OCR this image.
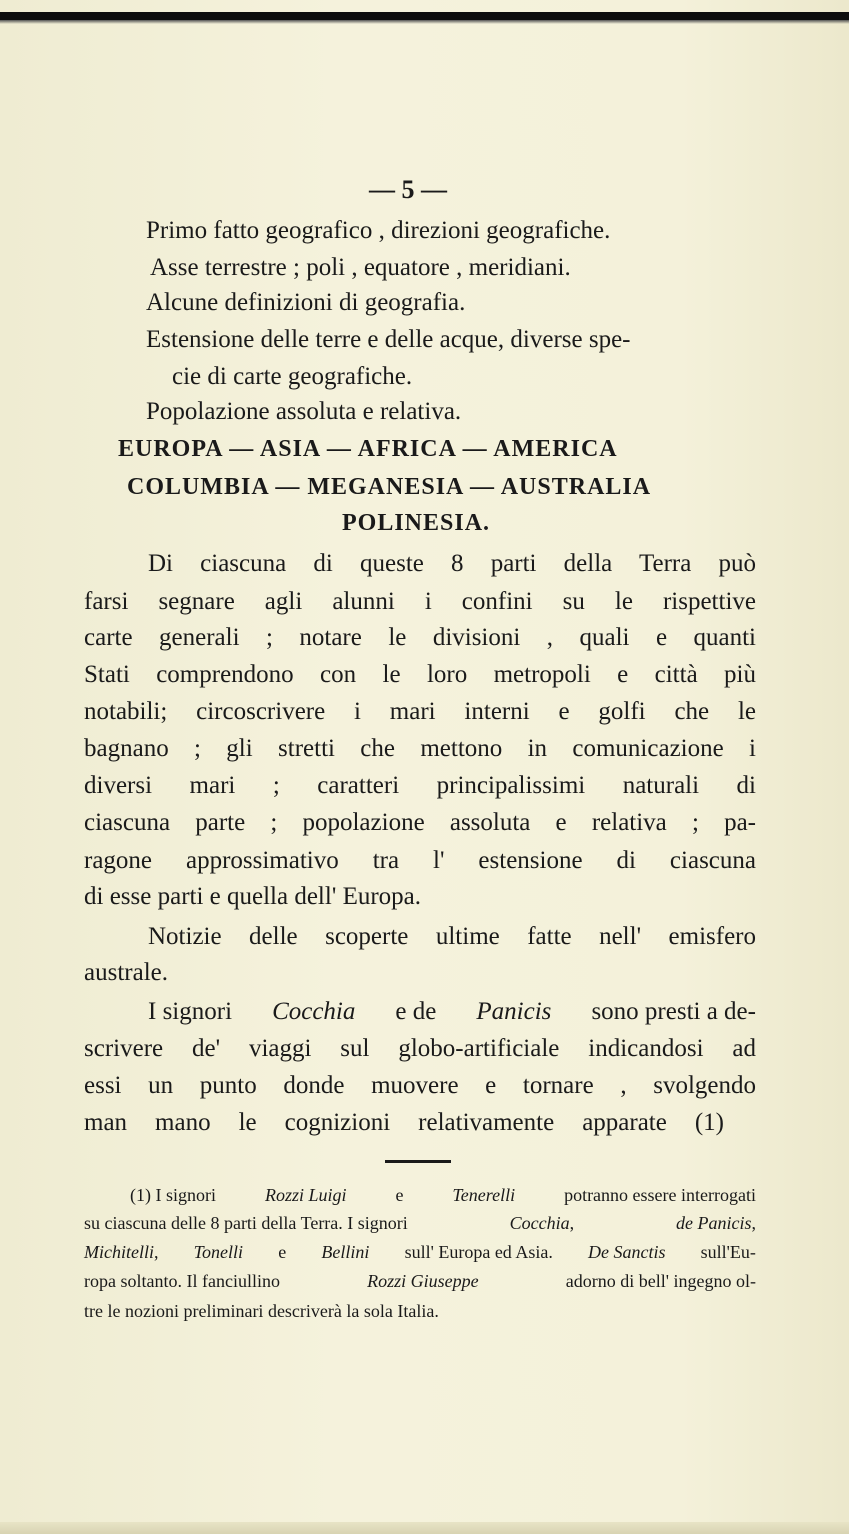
— 5 —
Primo fatto geografico , direzioni geografiche.
Asse terrestre ; poli , equatore , meridiani.
Alcune definizioni di geografia.
Estensione delle terre e delle acque, diverse spe-
cie di carte geografiche.
Popolazione assoluta e relativa.
EUROPA — ASIA — AFRICA — AMERICA
COLUMBIA — MEGANESIA — AUSTRALIA
POLINESIA.
Di ciascuna di queste 8 parti della Terra può
farsi segnare agli alunni i confini su le rispettive
carte generali ; notare le divisioni , quali e quanti
Stati comprendono con le loro metropoli e città più
notabili; circoscrivere i mari interni e golfi che le
bagnano ; gli stretti che mettono in comunicazione i
diversi mari ; caratteri principalissimi naturali di
ciascuna parte ; popolazione assoluta e relativa ; pa-
ragone approssimativo tra l' estensione di ciascuna
di esse parti e quella dell' Europa.
Notizie delle scoperte ultime fatte nell' emisfero
australe.
I signori Cocchia e de Panicis sono presti a de-
scrivere de' viaggi sul globo-artificiale indicandosi ad
essi un punto donde muovere e tornare , svolgendo
man mano le cognizioni relativamente apparate (1)
(1) I signori	Rozzi Luigi	e	Tenerelli	potranno essere interrogati
su ciascuna delle 8 parti della Terra. I signori	Cocchia,	de Panicis,
Michitelli, Tonelli e Bellini sull' Europa ed Asia. De Sanctis sull'Eu-
ropa soltanto. Il fanciullino	Rozzi Giuseppe	adorno di bell' ingegno ol-
tre le nozioni preliminari descriverà la sola Italia.
